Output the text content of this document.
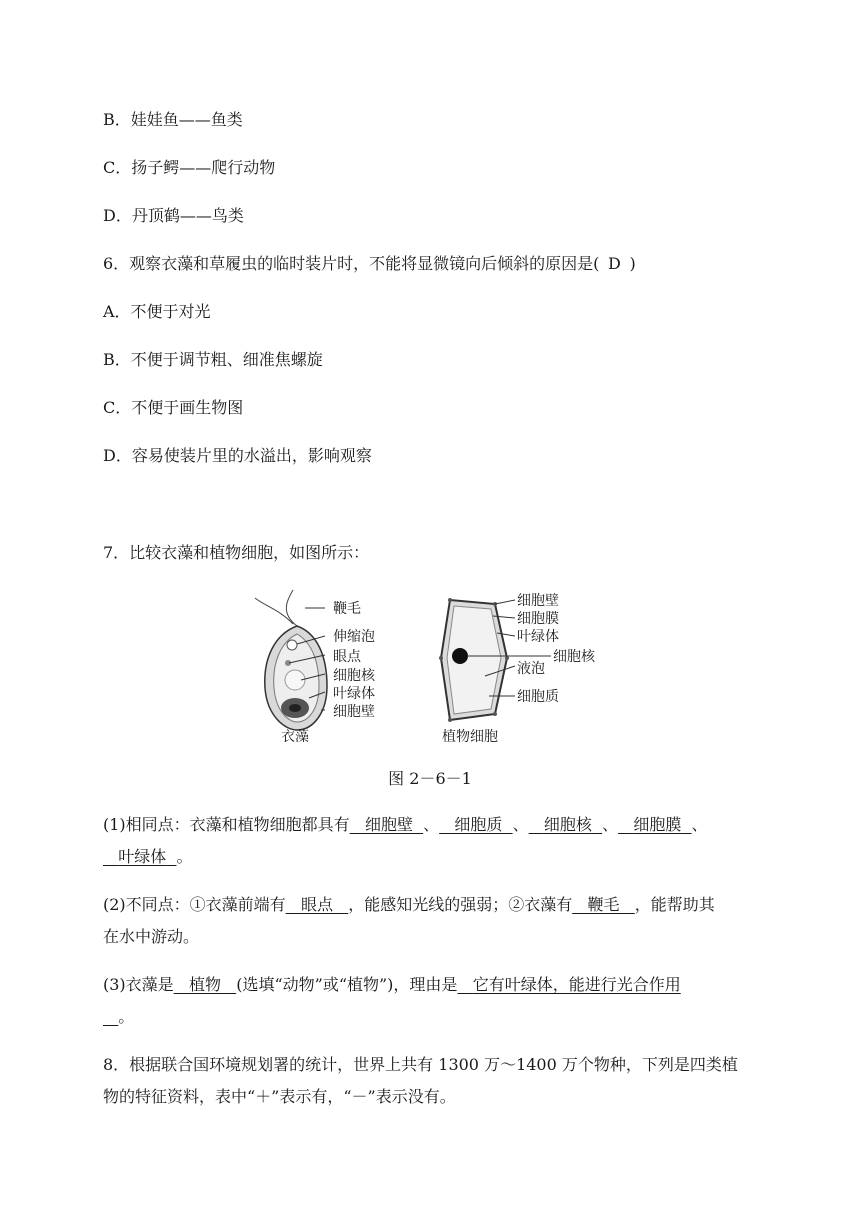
B．娃娃鱼——鱼类
C．扬子鳄——爬行动物
D．丹顶鹤——鸟类
6．观察衣藻和草履虫的临时装片时，不能将显微镜向后倾斜的原因是( D )
A．不便于对光
B．不便于调节粗、细准焦螺旋
C．不便于画生物图
D．容易使装片里的水溢出，影响观察
7．比较衣藻和植物细胞，如图所示：
鞭毛
伸缩泡
眼点
细胞核
叶绿体
细胞壁
衣藻
细胞壁
细胞膜
叶绿体
液泡
细胞核
细胞质
植物细胞
图 2－6－1
(1)相同点：衣藻和植物细胞都具有 细胞壁 、 细胞质 、 细胞核 、 细胞膜 、
叶绿体 。
(2)不同点：①衣藻前端有 眼点 ，能感知光线的强弱；②衣藻有 鞭毛 ，能帮助其
在水中游动。
(3)衣藻是 植物 (选填“动物”或“植物”)，理由是 它有叶绿体，能进行光合作用
。
8．根据联合国环境规划署的统计，世界上共有 1300 万～1400 万个物种，下列是四类植
物的特征资料，表中“＋”表示有，“－”表示没有。
